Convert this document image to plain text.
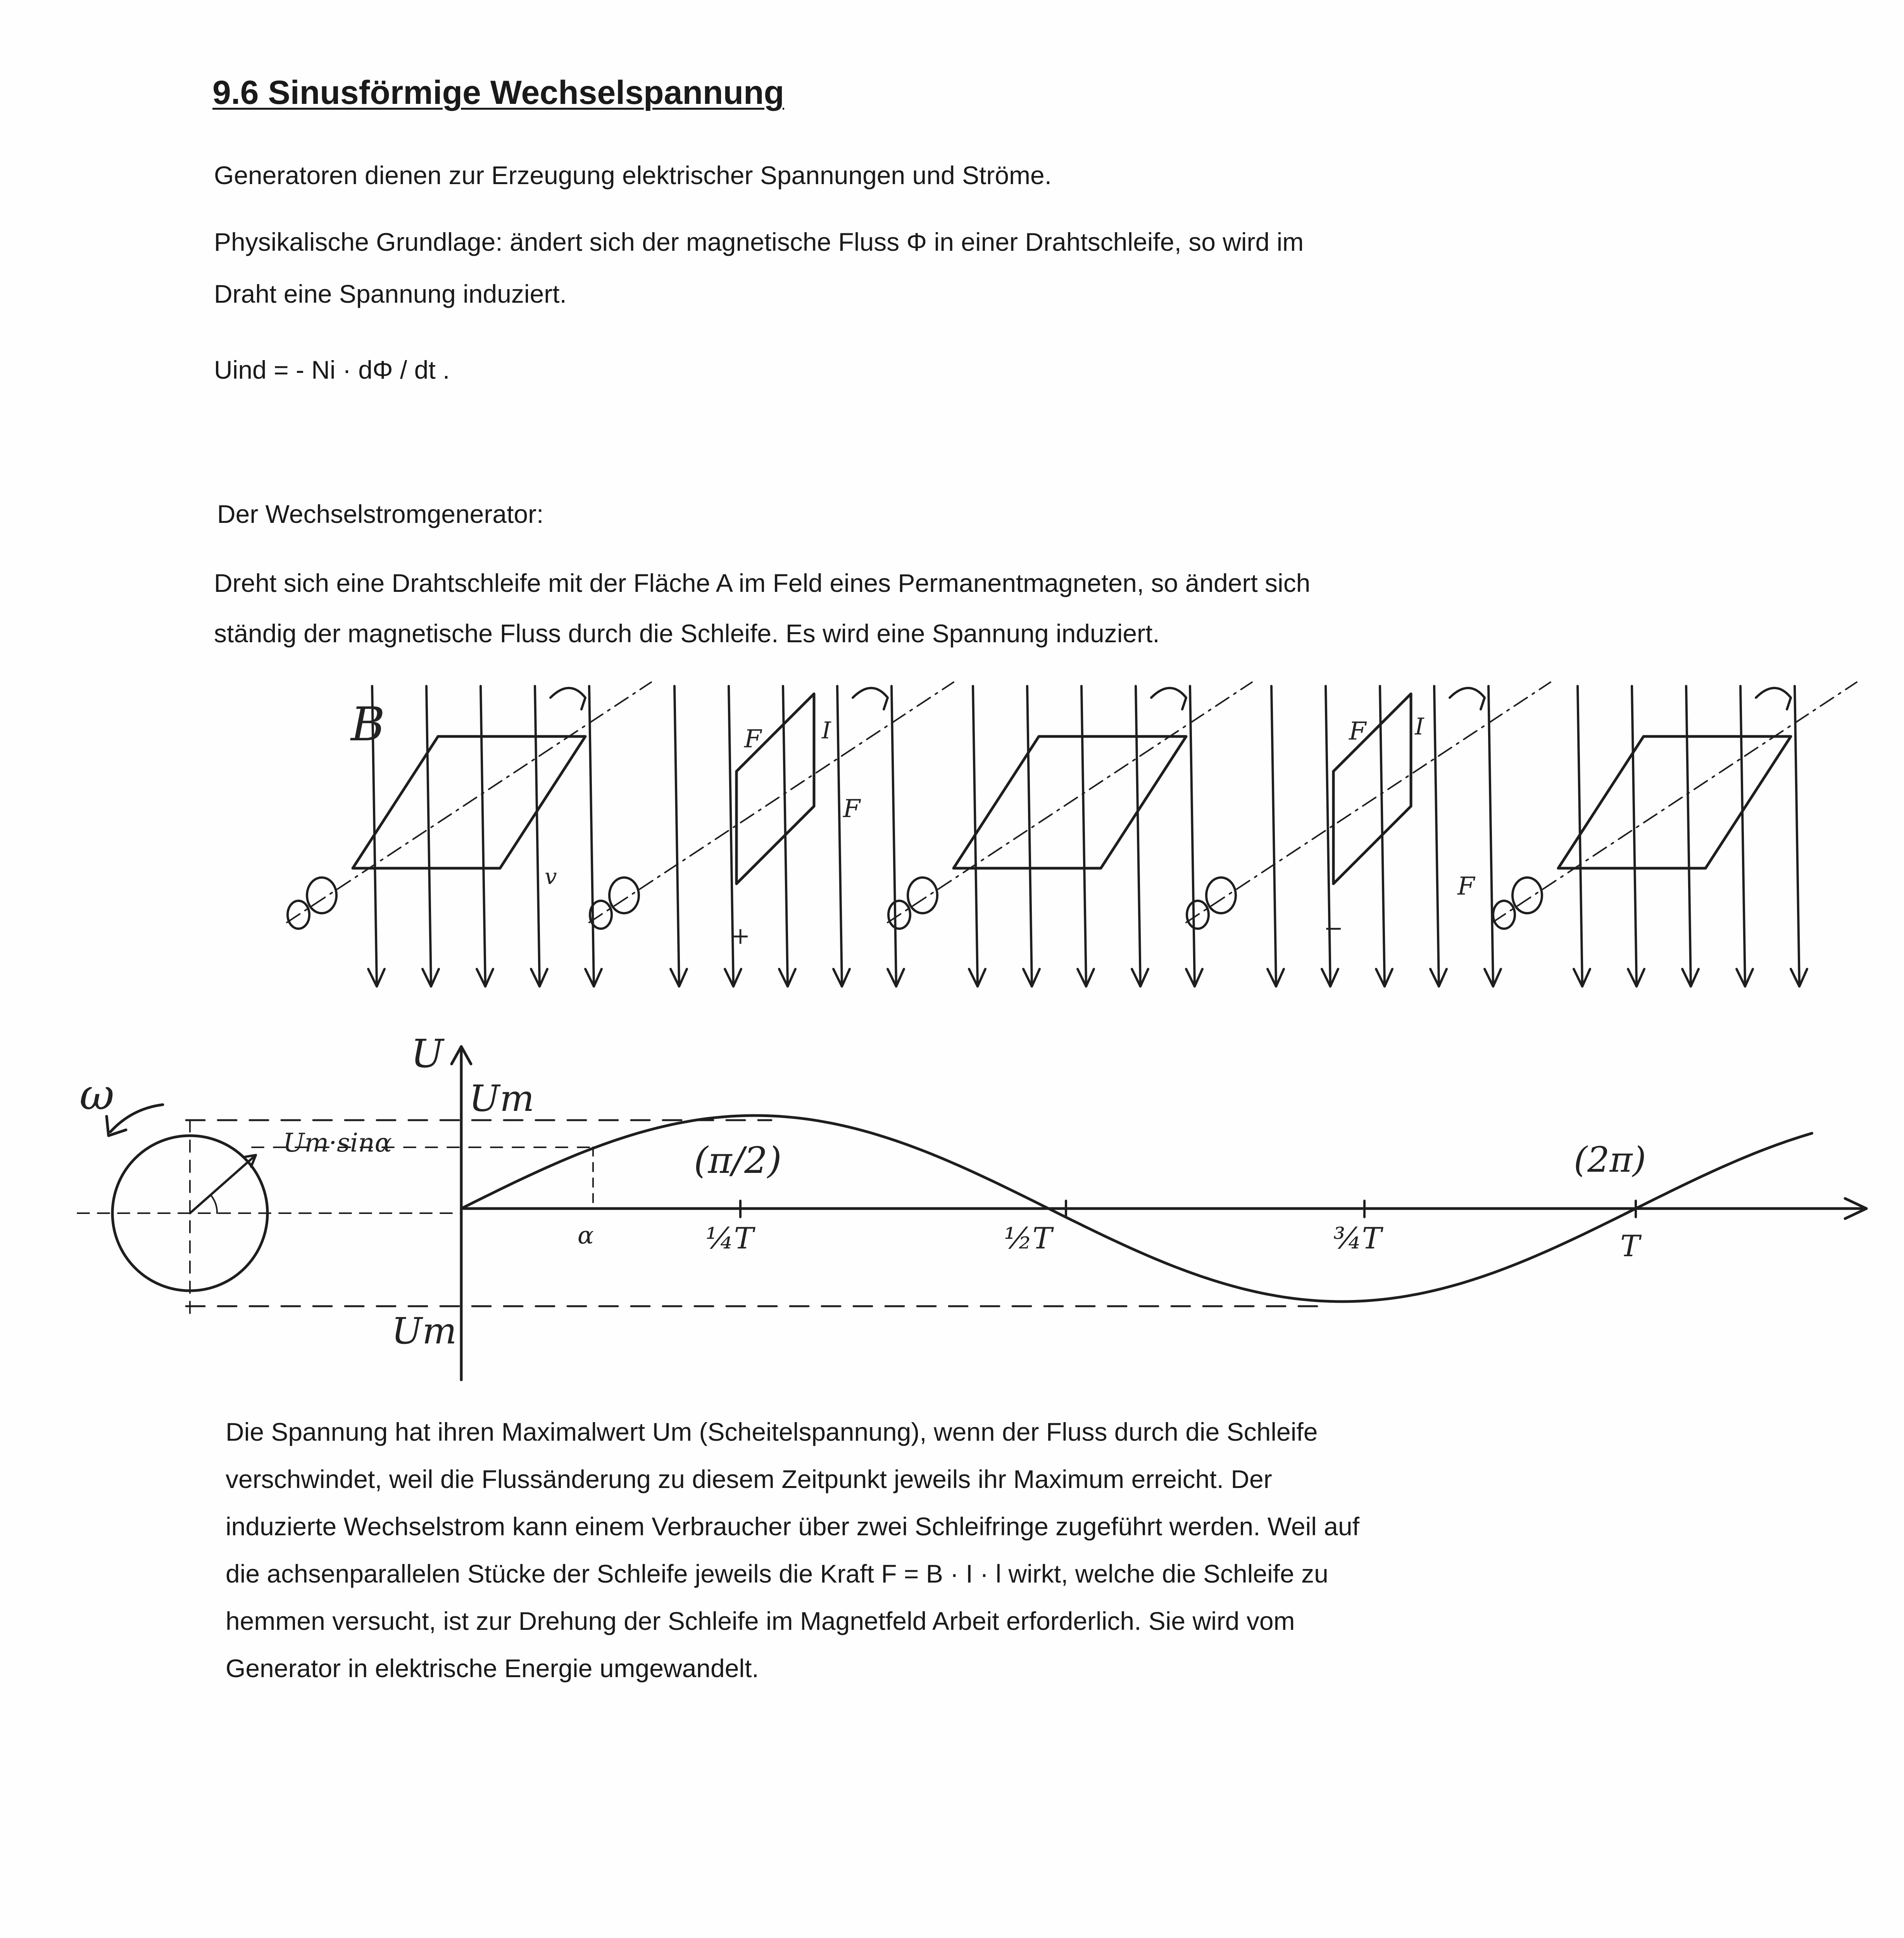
9.6 Sinusförmige Wechselspannung
Generatoren dienen zur Erzeugung elektrischer Spannungen und Ströme.
Physikalische Grundlage: ändert sich der magnetische Fluss Φ in einer Drahtschleife, so wird im
Draht eine Spannung induziert.
Uind = - Ni · dΦ / dt .
Der Wechselstromgenerator:
Dreht sich eine Drahtschleife mit der Fläche A im Feld eines Permanentmagneten, so ändert sich
ständig der magnetische Fluss durch die Schleife. Es wird eine Spannung induziert.
B
v
F	I
F
+
F I
F
−
ω
U
Um
Um·sinα
α
Um
(π/2)	(2π)
¼T	½T	¾T	T
Die Spannung hat ihren Maximalwert Um (Scheitelspannung), wenn der Fluss durch die Schleife
verschwindet, weil die Flussänderung zu diesem Zeitpunkt jeweils ihr Maximum erreicht. Der
induzierte Wechselstrom kann einem Verbraucher über zwei Schleifringe zugeführt werden. Weil auf
die achsenparallelen Stücke der Schleife jeweils die Kraft F = B · I · l wirkt, welche die Schleife zu
hemmen versucht, ist zur Drehung der Schleife im Magnetfeld Arbeit erforderlich. Sie wird vom
Generator in elektrische Energie umgewandelt.
